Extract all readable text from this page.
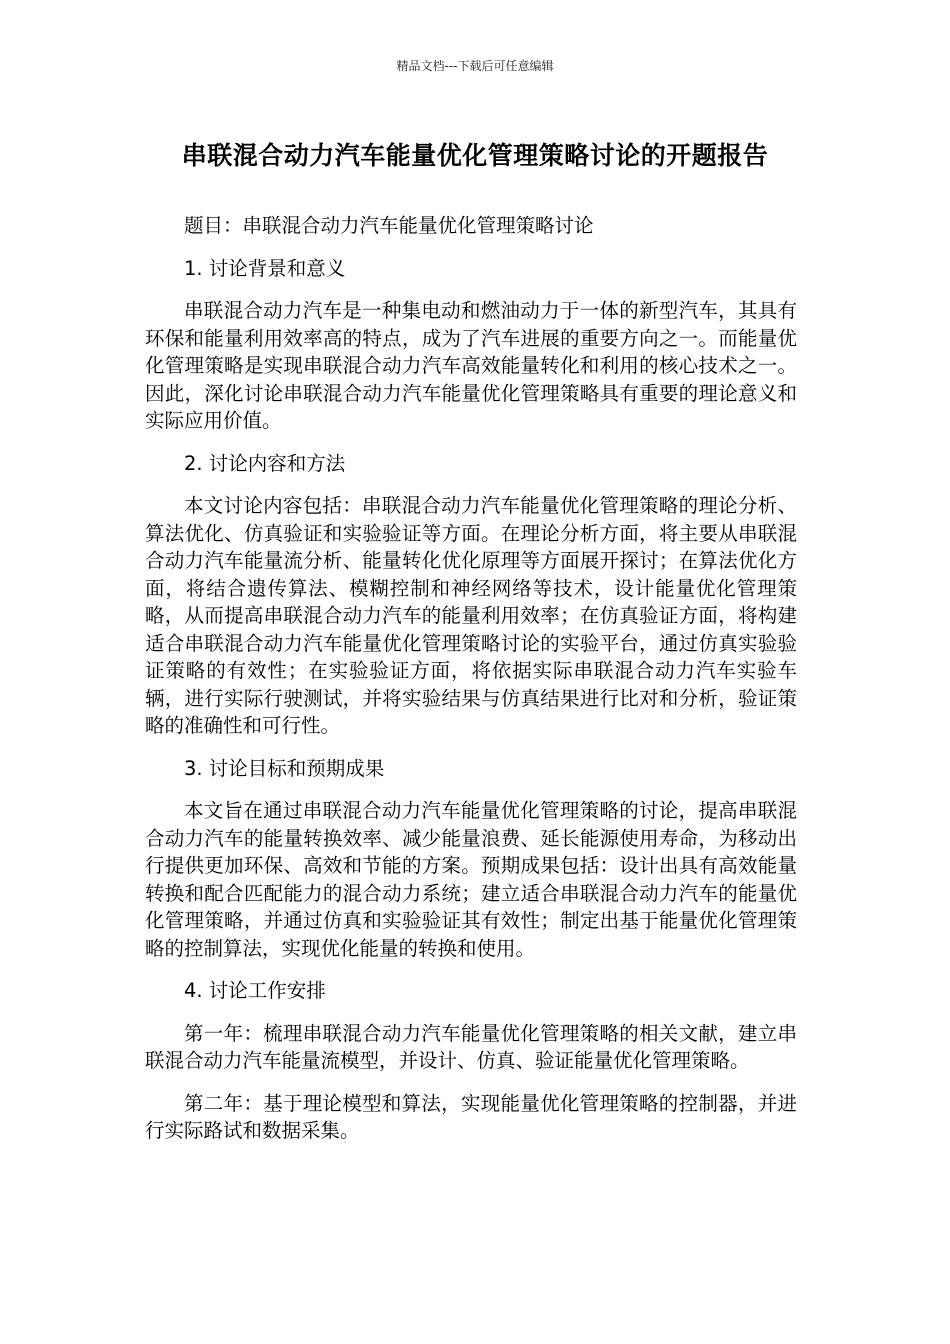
精品文档---下载后可任意编辑
串联混合动力汽车能量优化管理策略讨论的开题报告

题目：串联混合动力汽车能量优化管理策略讨论

1. 讨论背景和意义

串联混合动力汽车是一种集电动和燃油动力于一体的新型汽车，其具有环保和能量利用效率高的特点，成为了汽车进展的重要方向之一。而能量优化管理策略是实现串联混合动力汽车高效能量转化和利用的核心技术之一。因此，深化讨论串联混合动力汽车能量优化管理策略具有重要的理论意义和实际应用价值。

2. 讨论内容和方法

本文讨论内容包括：串联混合动力汽车能量优化管理策略的理论分析、算法优化、仿真验证和实验验证等方面。在理论分析方面，将主要从串联混合动力汽车能量流分析、能量转化优化原理等方面展开探讨；在算法优化方面，将结合遗传算法、模糊控制和神经网络等技术，设计能量优化管理策略，从而提高串联混合动力汽车的能量利用效率；在仿真验证方面，将构建适合串联混合动力汽车能量优化管理策略讨论的实验平台，通过仿真实验验证策略的有效性；在实验验证方面，将依据实际串联混合动力汽车实验车辆，进行实际行驶测试，并将实验结果与仿真结果进行比对和分析，验证策略的准确性和可行性。

3. 讨论目标和预期成果

本文旨在通过串联混合动力汽车能量优化管理策略的讨论，提高串联混合动力汽车的能量转换效率、减少能量浪费、延长能源使用寿命，为移动出行提供更加环保、高效和节能的方案。预期成果包括：设计出具有高效能量转换和配合匹配能力的混合动力系统；建立适合串联混合动力汽车的能量优化管理策略，并通过仿真和实验验证其有效性；制定出基于能量优化管理策略的控制算法，实现优化能量的转换和使用。

4. 讨论工作安排

第一年：梳理串联混合动力汽车能量优化管理策略的相关文献，建立串联混合动力汽车能量流模型，并设计、仿真、验证能量优化管理策略。

第二年：基于理论模型和算法，实现能量优化管理策略的控制器，并进行实际路试和数据采集。
